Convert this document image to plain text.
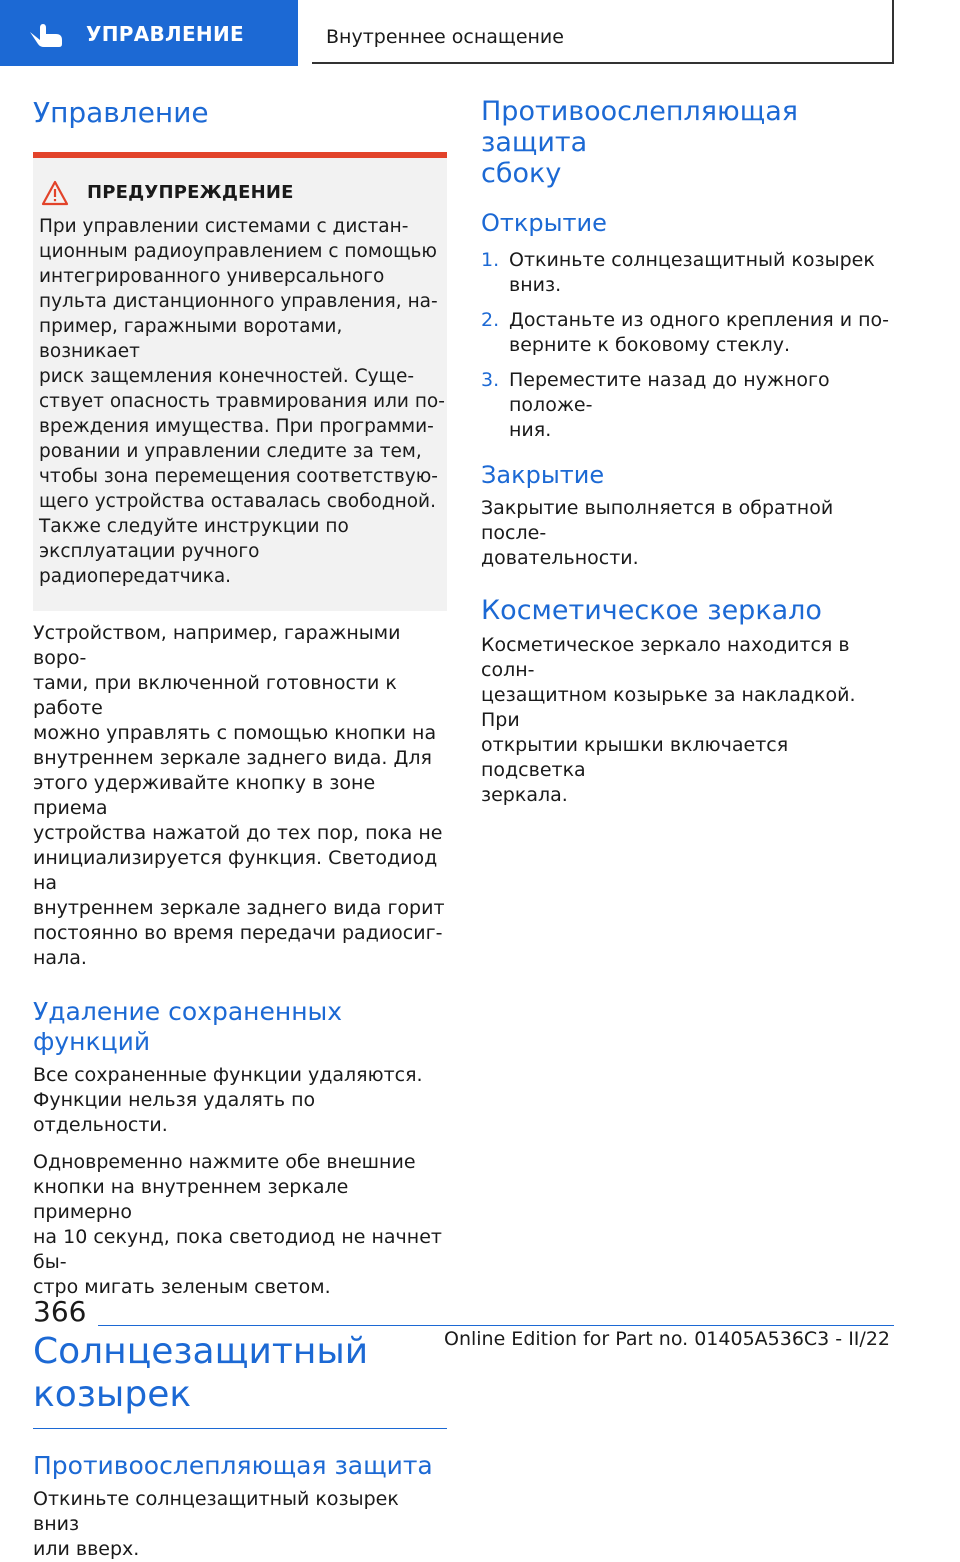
УПРАВЛЕНИЕ	Внутреннее оснащение
Управление
ПРЕДУПРЕЖДЕНИЕ
При управлении системами с дистан-
ционным радиоуправлением с помощью
интегрированного универсального
пульта дистанционного управления, на-
пример, гаражными воротами, возникает
риск защемления конечностей. Суще-
ствует опасность травмирования или по-
вреждения имущества. При программи-
ровании и управлении следите за тем,
чтобы зона перемещения соответствую-
щего устройства оставалась свободной.
Также следуйте инструкции по
эксплуатации ручного радиопередатчика.

Устройством, например, гаражными воро-
тами, при включенной готовности к работе
можно управлять с помощью кнопки на
внутреннем зеркале заднего вида. Для
этого удерживайте кнопку в зоне приема
устройства нажатой до тех пор, пока не
инициализируется функция. Светодиод на
внутреннем зеркале заднего вида горит
постоянно во время передачи радиосиг-
нала.

Удаление сохраненных функций

Все сохраненные функции удаляются.
Функции нельзя удалять по отдельности.

Одновременно нажмите обе внешние
кнопки на внутреннем зеркале примерно
на 10 секунд, пока светодиод не начнет бы-
стро мигать зеленым светом.

Солнцезащитный козырек
Противоослепляющая защита

Откиньте солнцезащитный козырек вниз
или вверх.

Противоослепляющая защита
сбоку
Открытие
1. Откиньте солнцезащитный козырек
вниз.
2. Достаньте из одного крепления и по-
верните к боковому стеклу.
3. Переместите назад до нужного положе-
ния.
Закрытие

Закрытие выполняется в обратной после-
довательности.

Косметическое зеркало

Косметическое зеркало находится в солн-
цезащитном козырьке за накладкой. При
открытии крышки включается подсветка
зеркала.

366
Online Edition for Part no. 01405A536C3 - II/22
